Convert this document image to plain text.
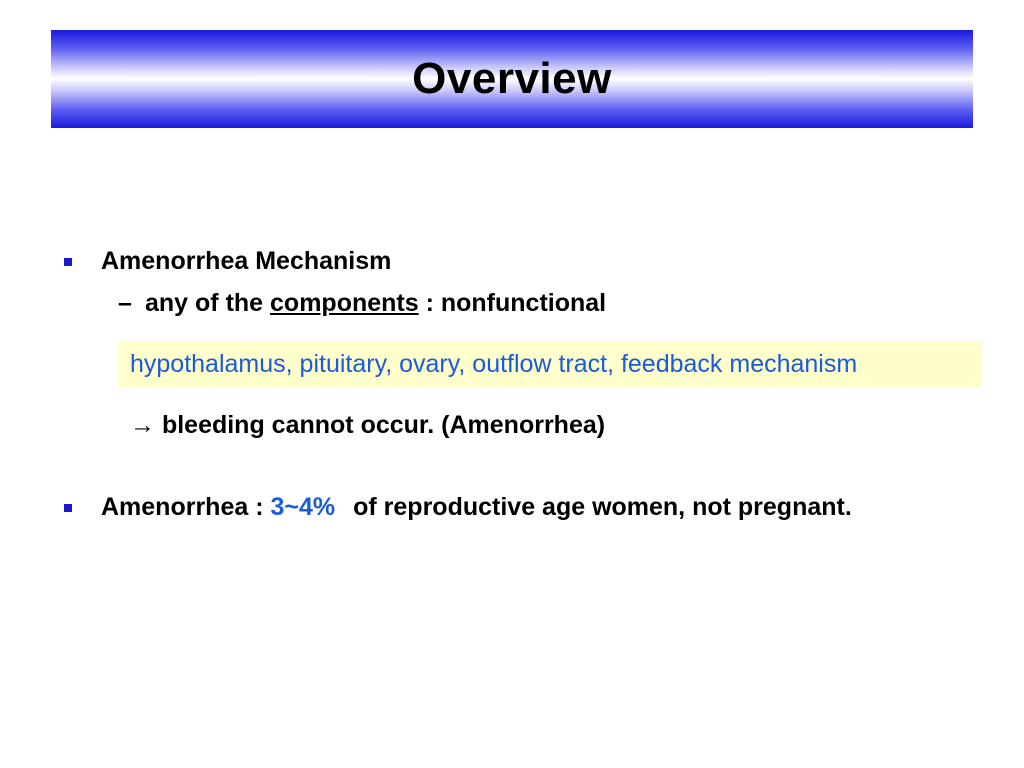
Overview
Amenorrhea Mechanism
– any of the components : nonfunctional
hypothalamus, pituitary, ovary, outflow tract, feedback mechanism
→ bleeding cannot occur. (Amenorrhea)
Amenorrhea : 3~4% of reproductive age women, not pregnant.
